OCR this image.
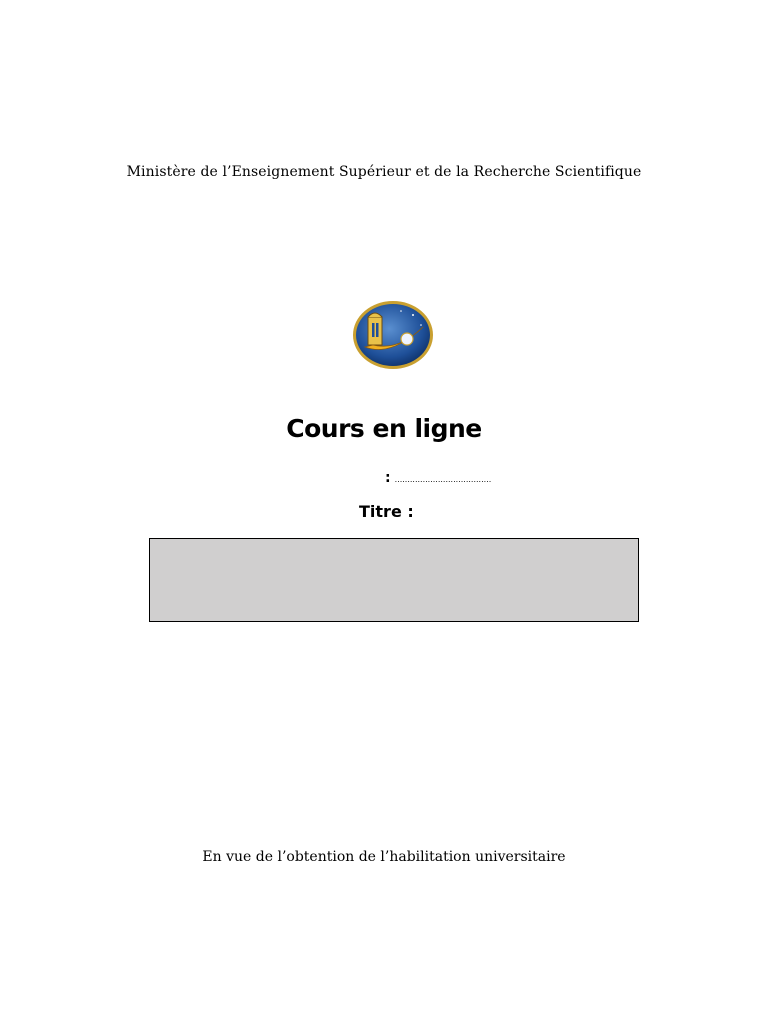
Ministère de l’Enseignement Supérieur et de la Recherche Scientifique
Cours en ligne
: ......................................
Titre :
En vue de l’obtention de l’habilitation universitaire
